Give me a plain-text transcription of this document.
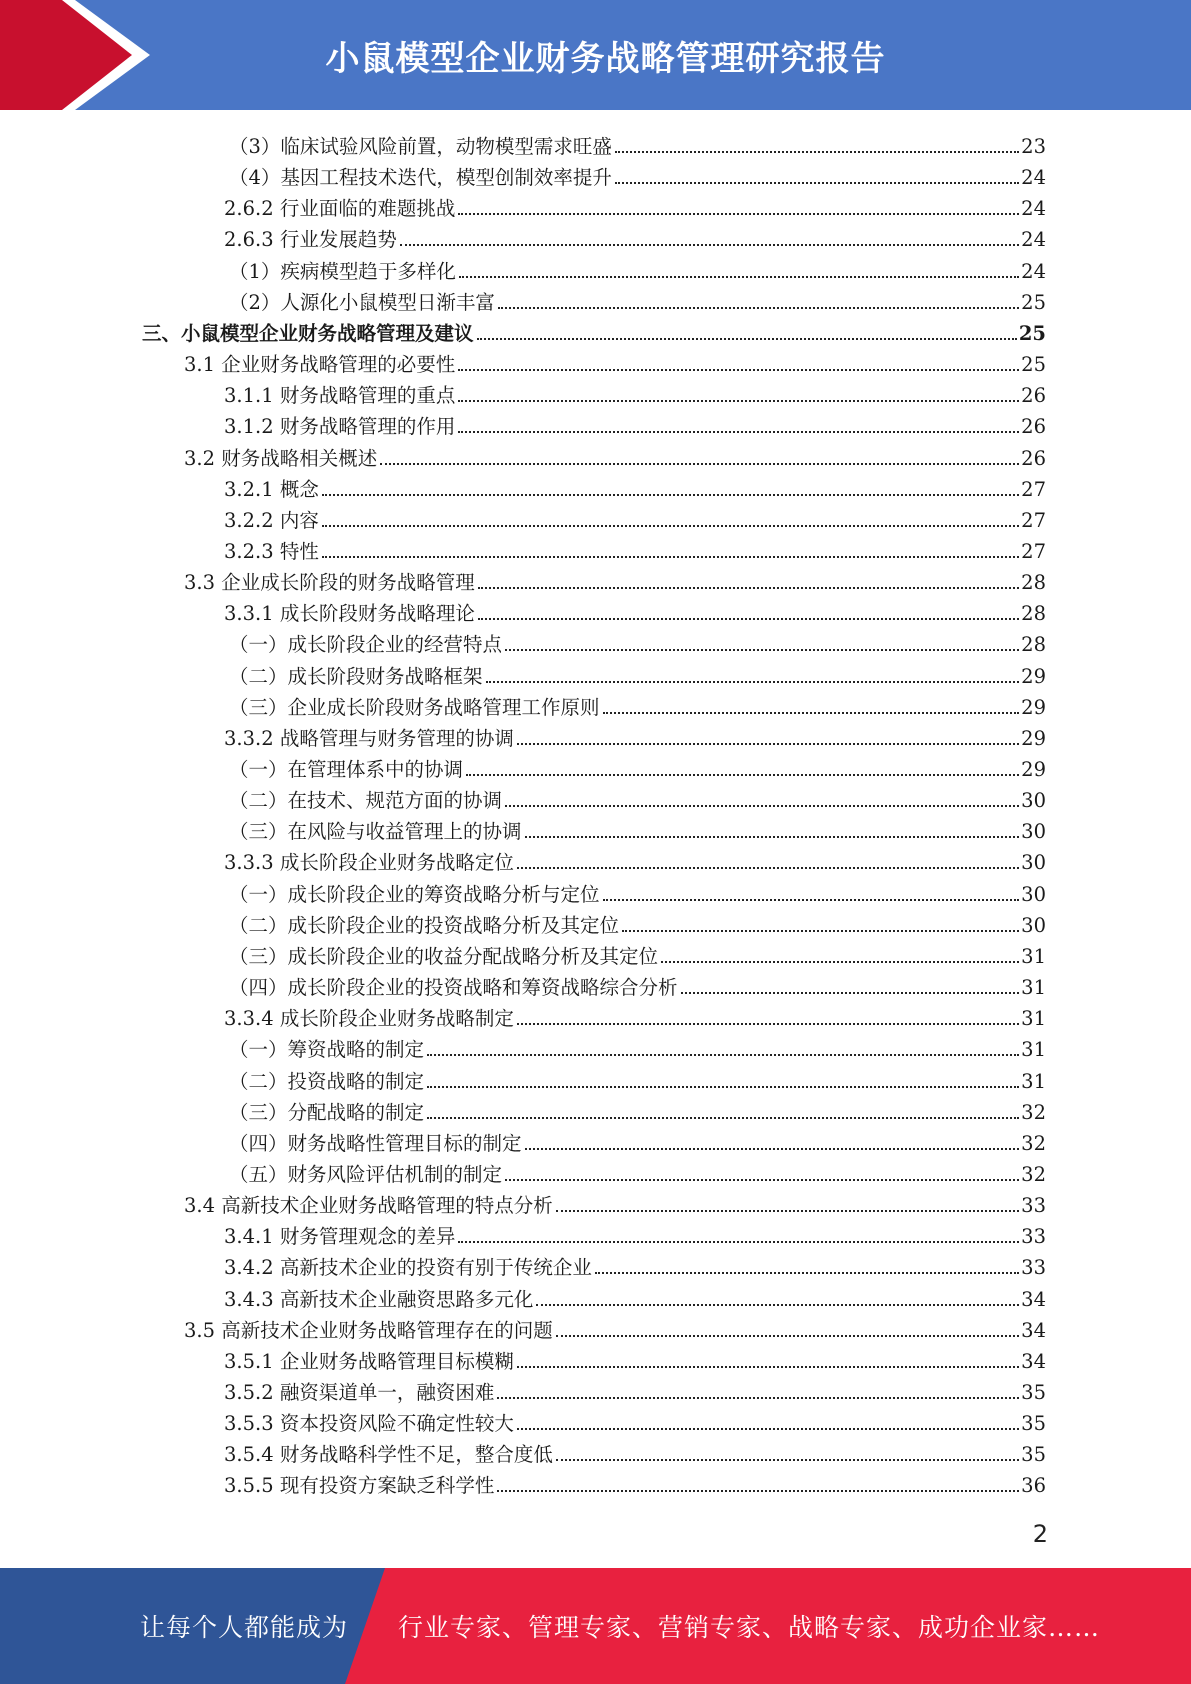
小鼠模型企业财务战略管理研究报告
（3）临床试验风险前置，动物模型需求旺盛	23
（4）基因工程技术迭代，模型创制效率提升	24
2.6.2 行业面临的难题挑战	24
2.6.3 行业发展趋势	24
（1）疾病模型趋于多样化	24
（2）人源化小鼠模型日渐丰富	25
三、小鼠模型企业财务战略管理及建议	25
3.1 企业财务战略管理的必要性	25
3.1.1 财务战略管理的重点	26
3.1.2 财务战略管理的作用	26
3.2 财务战略相关概述	26
3.2.1 概念	27
3.2.2 内容	27
3.2.3 特性	27
3.3 企业成长阶段的财务战略管理	28
3.3.1 成长阶段财务战略理论	28
（一）成长阶段企业的经营特点	28
（二）成长阶段财务战略框架	29
（三）企业成长阶段财务战略管理工作原则	29
3.3.2 战略管理与财务管理的协调	29
（一）在管理体系中的协调	29
（二）在技术、规范方面的协调	30
（三）在风险与收益管理上的协调	30
3.3.3 成长阶段企业财务战略定位	30
（一）成长阶段企业的筹资战略分析与定位	30
（二）成长阶段企业的投资战略分析及其定位	30
（三）成长阶段企业的收益分配战略分析及其定位	31
（四）成长阶段企业的投资战略和筹资战略综合分析	31
3.3.4 成长阶段企业财务战略制定	31
（一）筹资战略的制定	31
（二）投资战略的制定	31
（三）分配战略的制定	32
（四）财务战略性管理目标的制定	32
（五）财务风险评估机制的制定	32
3.4 高新技术企业财务战略管理的特点分析	33
3.4.1 财务管理观念的差异	33
3.4.2 高新技术企业的投资有别于传统企业	33
3.4.3 高新技术企业融资思路多元化	34
3.5 高新技术企业财务战略管理存在的问题	34
3.5.1 企业财务战略管理目标模糊	34
3.5.2 融资渠道单一，融资困难	35
3.5.3 资本投资风险不确定性较大	35
3.5.4 财务战略科学性不足，整合度低	35
3.5.5 现有投资方案缺乏科学性	36
2
让每个人都能成为 行业专家、管理专家、营销专家、战略专家、成功企业家……
